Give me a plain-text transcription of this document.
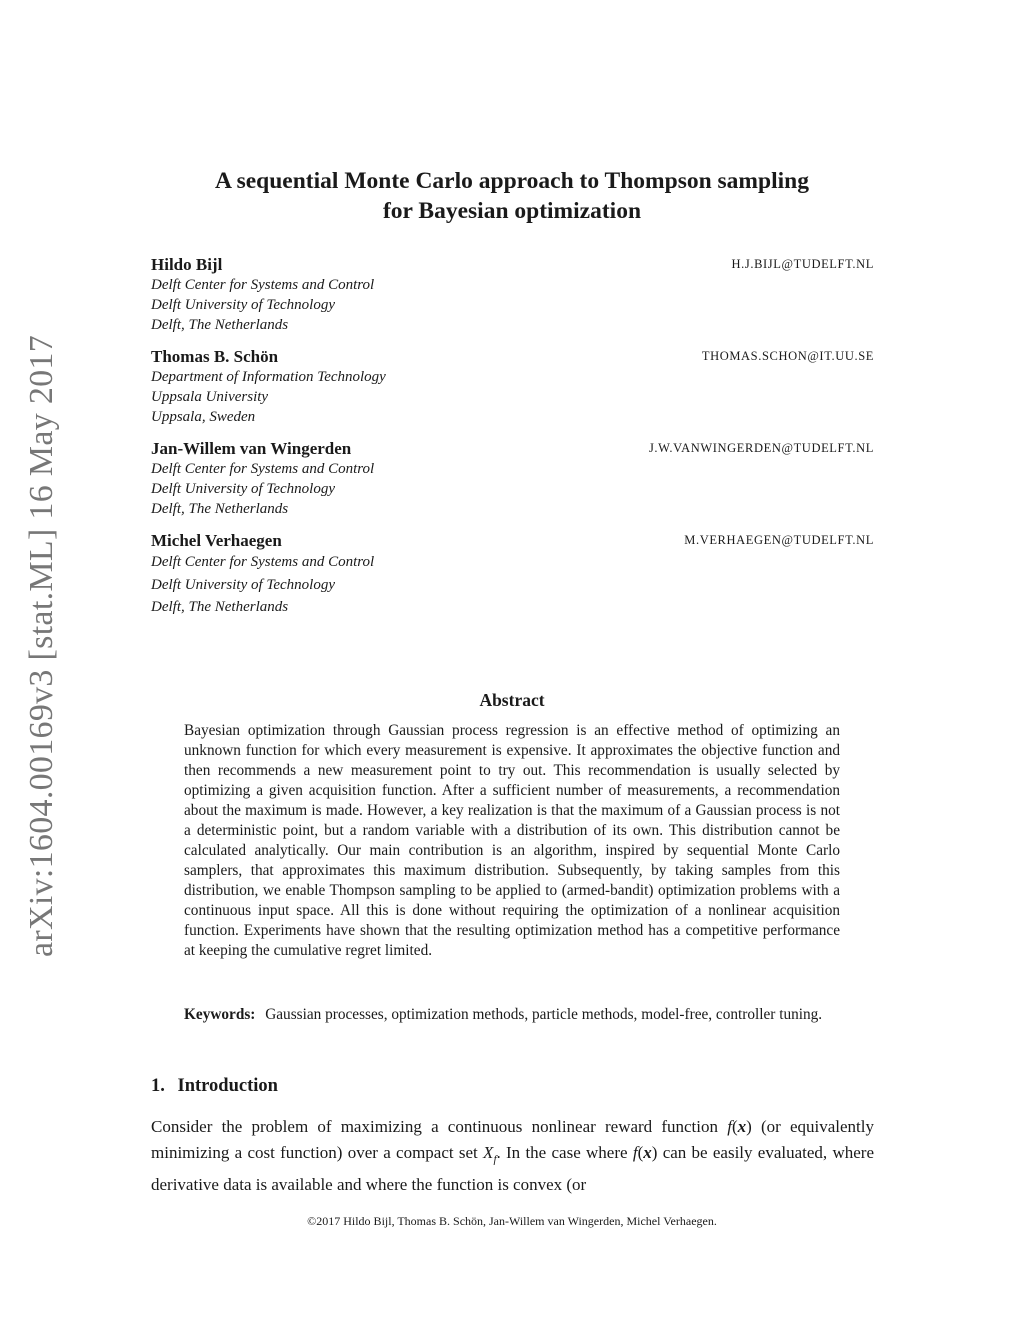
arXiv:1604.00169v3 [stat.ML] 16 May 2017
A sequential Monte Carlo approach to Thompson sampling
for Bayesian optimization
Hildo Bijl	H.J.BIJL@TUDELFT.NL
Delft Center for Systems and Control
Delft University of Technology
Delft, The Netherlands
Thomas B. Schön	THOMAS.SCHON@IT.UU.SE
Department of Information Technology
Uppsala University
Uppsala, Sweden
Jan-Willem van Wingerden	J.W.VANWINGERDEN@TUDELFT.NL
Delft Center for Systems and Control
Delft University of Technology
Delft, The Netherlands
Michel Verhaegen	M.VERHAEGEN@TUDELFT.NL
Delft Center for Systems and Control
Delft University of Technology
Delft, The Netherlands
Abstract

Bayesian optimization through Gaussian process regression is an effective method of optimizing an unknown function for which every measurement is expensive. It approximates the objective function and then recommends a new measurement point to try out. This recommendation is usually selected by optimizing a given acquisition function. After a sufficient number of measurements, a recommendation about the maximum is made. However, a key realization is that the maximum of a Gaussian process is not a deterministic point, but a random variable with a distribution of its own. This distribution cannot be calculated analytically. Our main contribution is an algorithm, inspired by sequential Monte Carlo samplers, that approximates this maximum distribution. Subsequently, by taking samples from this distribution, we enable Thompson sampling to be applied to (armed-bandit) optimization problems with a continuous input space. All this is done without requiring the optimization of a nonlinear acquisition function. Experiments have shown that the resulting optimization method has a competitive performance at keeping the cumulative regret limited.

Keywords: Gaussian processes, optimization methods, particle methods, model-free, controller tuning.

1. Introduction

Consider the problem of maximizing a continuous nonlinear reward function f(x) (or equivalently minimizing a cost function) over a compact set $X_f$. In the case where f(x) can be easily evaluated, where derivative data is available and where the function is convex (or

©2017 Hildo Bijl, Thomas B. Schön, Jan-Willem van Wingerden, Michel Verhaegen.
